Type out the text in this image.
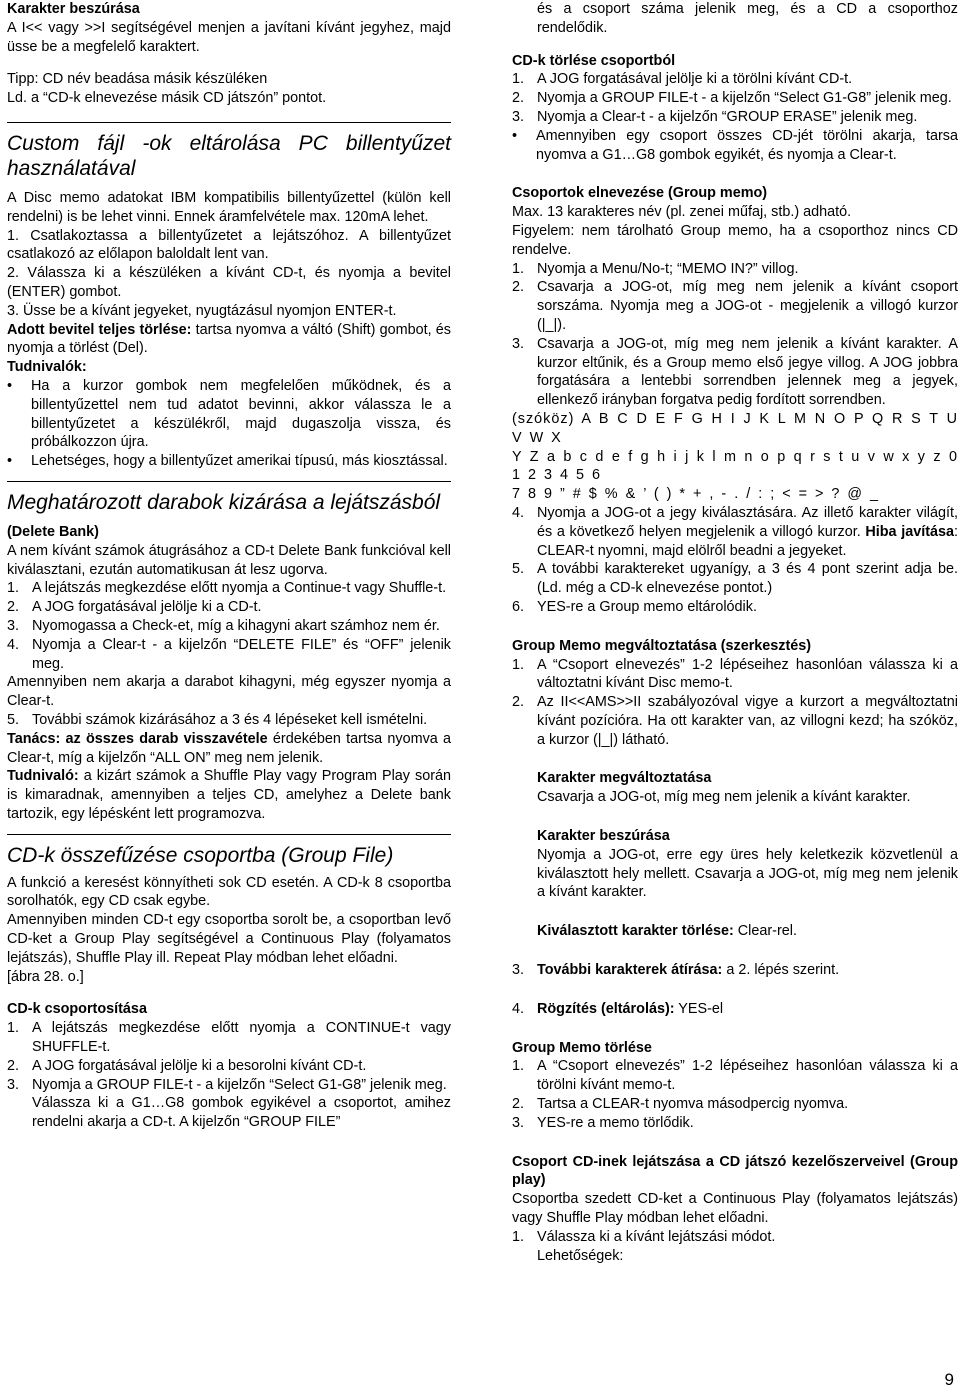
Karakter beszúrása

A I<< vagy >>I segítségével menjen a javítani kívánt jegyhez, majd üsse be a megfelelő karaktert.

Tipp: CD név beadása másik készüléken

Ld. a “CD-k elnevezése másik CD játszón” pontot.

Custom fájl -ok eltárolása PC billentyűzet használatával

A Disc memo adatokat IBM kompatibilis billentyűzettel (külön kell rendelni) is be lehet vinni. Ennek áramfelvétele max. 120mA lehet.

1. Csatlakoztassa a billentyűzetet a lejátszóhoz. A billentyűzet csatlakozó az előlapon baloldalt lent van.

2. Válassza ki a készüléken a kívánt CD-t, és nyomja a bevitel (ENTER) gombot.

3. Üsse be a kívánt jegyeket, nyugtázásul nyomjon ENTER-t.

Adott bevitel teljes törlése: tartsa nyomva a váltó (Shift) gombot, és nyomja a törlést (Del).

Tudnivalók:

•	Ha a kurzor gombok nem megfelelően működnek, és a billentyűzettel nem tud adatot bevinni, akkor válassza le a billentyűzetet a készülékről, majd dugaszolja vissza, és próbálkozzon újra.
•	Lehetséges, hogy a billentyűzet amerikai típusú, más kiosztással.

Meghatározott darabok kizárása a lejátszásból

(Delete Bank)

A nem kívánt számok átugrásához a CD-t Delete Bank funkcióval kell kiválasztani, ezután automatikusan át lesz ugorva.

1. A lejátszás megkezdése előtt nyomja a Continue-t vagy Shuffle-t.
2. A JOG forgatásával jelölje ki a CD-t.
3. Nyomogassa a Check-et, míg a kihagyni akart számhoz nem ér.
4. Nyomja a Clear-t - a kijelzőn “DELETE FILE” és “OFF” jelenik meg.

Amennyiben nem akarja a darabot kihagyni, még egyszer nyomja a Clear-t.

5. További számok kizárásához a 3 és 4 lépéseket kell ismételni.

Tanács: az összes darab visszavétele érdekében tartsa nyomva a Clear-t, míg a kijelzőn “ALL ON” meg nem jelenik.

Tudnivaló: a kizárt számok a Shuffle Play vagy Program Play során is kimaradnak, amennyiben a teljes CD, amelyhez a Delete bank tartozik, egy lépésként lett programozva.

CD-k összefűzése csoportba (Group File)

A funkció a keresést könnyítheti sok CD esetén. A CD-k 8 csoportba sorolhatók, egy CD csak egybe.

Amennyiben minden CD-t egy csoportba sorolt be, a csoportban levő CD-ket a Group Play segítségével a Continuous Play (folyamatos lejátszás), Shuffle Play ill. Repeat Play módban lehet előadni.

[ábra 28. o.]

CD-k csoportosítása

1. A lejátszás megkezdése előtt nyomja a CONTINUE-t vagy SHUFFLE-t.
2. A JOG forgatásával jelölje ki a besorolni kívánt CD-t.
3. Nyomja a GROUP FILE-t - a kijelzőn “Select G1-G8” jelenik meg.

Válassza ki a G1…G8 gombok egyikével a csoportot, amihez rendelni akarja a CD-t. A kijelzőn “GROUP FILE”

és a csoport száma jelenik meg, és a CD a csoporthoz rendelődik.

CD-k törlése csoportból

1. A JOG forgatásával jelölje ki a törölni kívánt CD-t.
2. Nyomja a GROUP FILE-t - a kijelzőn “Select G1-G8” jelenik meg.
3. Nyomja a Clear-t - a kijelzőn “GROUP ERASE” jelenik meg.
•	Amennyiben egy csoport összes CD-jét törölni akarja, tarsa nyomva a G1…G8 gombok egyikét, és nyomja a Clear-t.

Csoportok elnevezése (Group memo)

Max. 13 karakteres név (pl. zenei műfaj, stb.) adható.

Figyelem: nem tárolható Group memo, ha a csoporthoz nincs CD rendelve.

1. Nyomja a Menu/No-t; “MEMO IN?” villog.
2. Csavarja a JOG-ot, míg meg nem jelenik a kívánt csoport sorszáma. Nyomja meg a JOG-ot - megjelenik a villogó kurzor (|_|).
3. Csavarja a JOG-ot, míg meg nem jelenik a kívánt karakter. A kurzor eltűnik, és a Group memo első jegye villog. A JOG jobbra forgatására a lentebbi sorrendben jelennek meg a jegyek, ellenkező irányban forgatva pedig fordított sorrendben.

(szóköz) A B C D E F G H I J K L M N O P Q R S T U V W X

Y Z a b c d e f g h i j k l m n o p q r s t u v w x y z 0 1 2 3 4 5 6

7 8 9 ” # $ % & ’ ( ) * + , - . / : ; < = > ? @ _

4. Nyomja a JOG-ot a jegy kiválasztására. Az illető karakter világít, és a következő helyen megjelenik a villogó kurzor. Hiba javítása: CLEAR-t nyomni, majd elölről beadni a jegyeket.
5. A további karaktereket ugyanígy, a 3 és 4 pont szerint adja be. (Ld. még a CD-k elnevezése pontot.)
6. YES-re a Group memo eltárolódik.

Group Memo megváltoztatása (szerkesztés)

1. A “Csoport elnevezés” 1-2 lépéseihez hasonlóan válassza ki a változtatni kívánt Disc memo-t.
2. Az II<<AMS>>II szabályozóval vigye a kurzort a megváltoztatni kívánt pozícióra. Ha ott karakter van, az villogni kezd; ha szóköz, a kurzor (|_|) látható.

Karakter megváltoztatása

Csavarja a JOG-ot, míg meg nem jelenik a kívánt karakter.

Karakter beszúrása

Nyomja a JOG-ot, erre egy üres hely keletkezik közvetlenül a kiválasztott hely mellett. Csavarja a JOG-ot, míg meg nem jelenik a kívánt karakter.

Kiválasztott karakter törlése: Clear-rel.

3. További karakterek átírása: a 2. lépés szerint.
4. Rögzítés (eltárolás): YES-el

Group Memo törlése

1. A “Csoport elnevezés” 1-2 lépéseihez hasonlóan válassza ki a törölni kívánt memo-t.
2. Tartsa a CLEAR-t nyomva másodpercig nyomva.
3. YES-re a memo törlődik.

Csoport CD-inek lejátszása a CD játszó kezelőszerveivel (Group play)

Csoportba szedett CD-ket a Continuous Play (folyamatos lejátszás) vagy Shuffle Play módban lehet előadni.

1. Válassza ki a kívánt lejátszási módot.

Lehetőségek:

9
